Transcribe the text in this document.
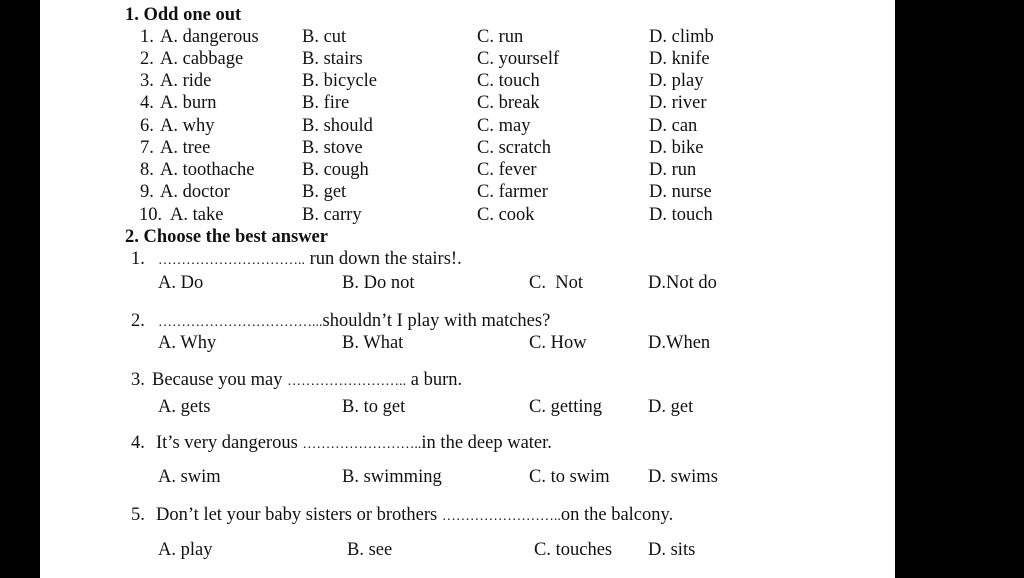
1. Odd one out
1. A. dangerous B. cut	C. run	D. climb
2. A. cabbage	B. stairs	C. yourself	D. knife
3. A. ride	B. bicycle	C. touch	D. play
4. A. burn	B. fire	C. break	D. river
6. A. why	B. should	C. may	D. can
7. A. tree	B. stove	C. scratch	D. bike
8. A. toothache	B. cough	C. fever	D. run
9. A. doctor	B. get	C. farmer	D. nurse
10. A. take	B. carry	C. cook	D. touch
2. Choose the best answer
1. ………………………….. run down the stairs!.
A. Do	B. Do not	C.  Not	D.Not do
2. ……………………………...shouldn’t I play with matches?
A. Why	B. What	C. How	D.When
3. Because you may …………………….. a burn.
A. gets	B. to get	C. getting D. get
4. It’s very dangerous ……………………..in the deep water.
A. swim	B. swimming	C. to swim D. swims
5. Don’t let your baby sisters or brothers ……………………..on the balcony.
A. play	B. see	C. touches D. sits
